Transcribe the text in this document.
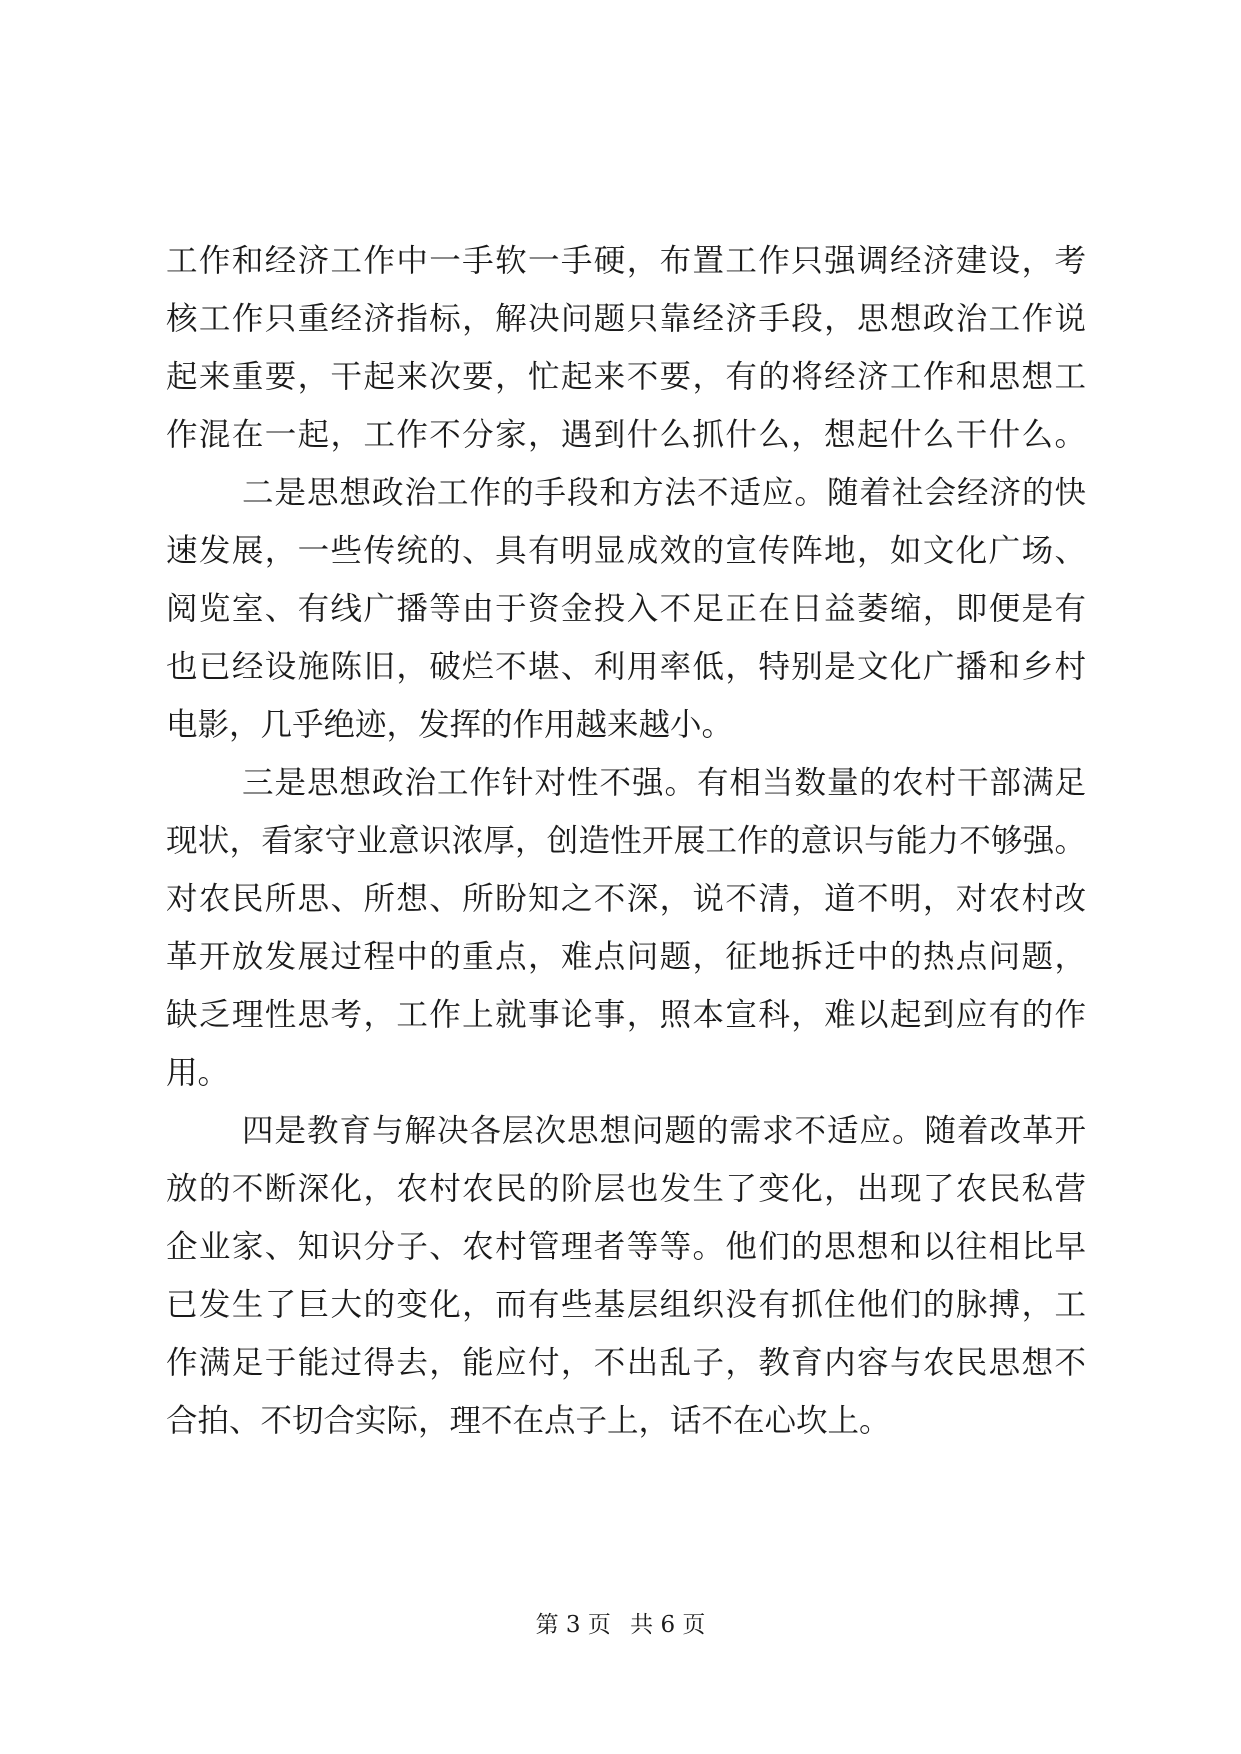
工作和经济工作中一手软一手硬，布置工作只强调经济建设，考
核工作只重经济指标，解决问题只靠经济手段，思想政治工作说
起来重要，干起来次要，忙起来不要，有的将经济工作和思想工
作混在一起，工作不分家，遇到什么抓什么，想起什么干什么。
二是思想政治工作的手段和方法不适应。随着社会经济的快
速发展，一些传统的、具有明显成效的宣传阵地，如文化广场、
阅览室、有线广播等由于资金投入不足正在日益萎缩，即便是有
也已经设施陈旧，破烂不堪、利用率低，特别是文化广播和乡村
电影，几乎绝迹，发挥的作用越来越小。
三是思想政治工作针对性不强。有相当数量的农村干部满足
现状，看家守业意识浓厚，创造性开展工作的意识与能力不够强。
对农民所思、所想、所盼知之不深，说不清，道不明，对农村改
革开放发展过程中的重点，难点问题，征地拆迁中的热点问题，
缺乏理性思考，工作上就事论事，照本宣科，难以起到应有的作
用。
四是教育与解决各层次思想问题的需求不适应。随着改革开
放的不断深化，农村农民的阶层也发生了变化，出现了农民私营
企业家、知识分子、农村管理者等等。他们的思想和以往相比早
已发生了巨大的变化，而有些基层组织没有抓住他们的脉搏，工
作满足于能过得去，能应付，不出乱子，教育内容与农民思想不
合拍、不切合实际，理不在点子上，话不在心坎上。
第 3 页 共 6 页
